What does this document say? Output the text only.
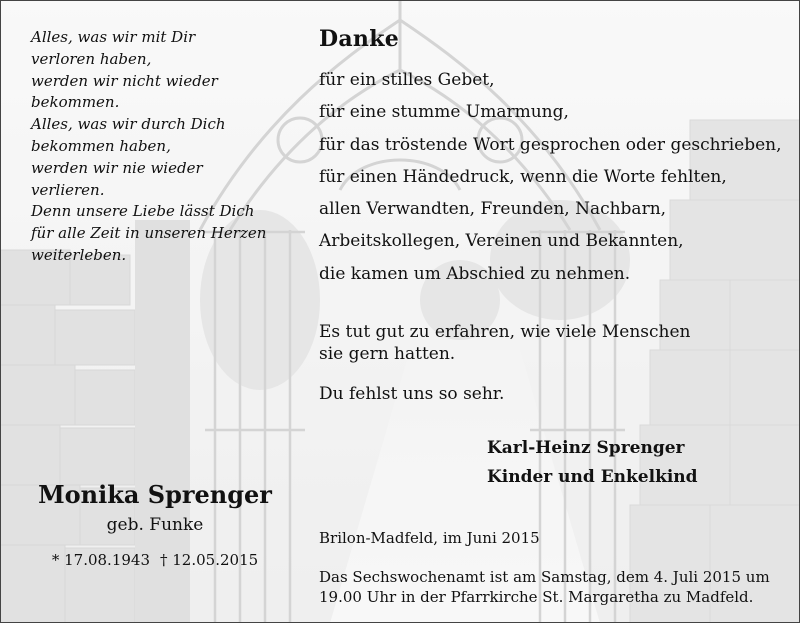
Alles, was wir mit Dir
verloren haben,
werden wir nicht wieder
bekommen.
Alles, was wir durch Dich
bekommen haben,
werden wir nie wieder
verlieren.
Denn unsere Liebe lässt Dich
für alle Zeit in unseren Herzen
weiterleben.
Danke
für ein stilles Gebet,
für eine stumme Umarmung,
für das tröstende Wort gesprochen oder geschrieben,
für einen Händedruck, wenn die Worte fehlten,
allen Verwandten, Freunden, Nachbarn,
Arbeitskollegen, Vereinen und Bekannten,
die kamen um Abschied zu nehmen.
Es tut gut zu erfahren, wie viele Menschen
sie gern hatten.
Du fehlst uns so sehr.
Karl-Heinz Sprenger
Kinder und Enkelkind
Monika Sprenger
geb. Funke
* 17.08.1943 † 12.05.2015
Brilon-Madfeld, im Juni 2015
Das Sechswochenamt ist am Samstag, dem 4. Juli 2015 um
19.00 Uhr in der Pfarrkirche St. Margaretha zu Madfeld.
